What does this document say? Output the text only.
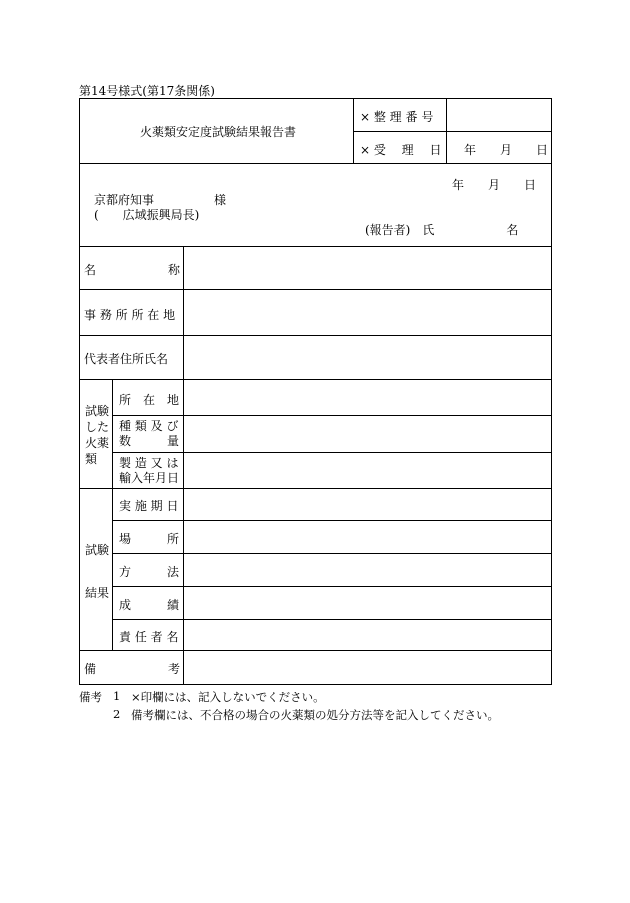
第14号様式(第17条関係)
火薬類安定度試験結果報告書
× 整 理 番 号
× 受　 理　 日 年　　月　　日
年　　月　　日
京都府知事　　　　　様
(　　広域振興局長)
(報告者)　氏　　　　　　名
名　　　　　　称
事 務 所 所 在 地
代表者住所氏名
試験
した
火薬
類
所　在　地
種 類 及 び
数　　　量
製 造 又 は
輸入年月日
試験
結果
実 施 期 日
場　　　所
方　　　法
成　　　績
責 任 者 名
備　　　　　　考
備考 1 ×印欄には、記入しないでください。
2 備考欄には、不合格の場合の火薬類の処分方法等を記入してください。
